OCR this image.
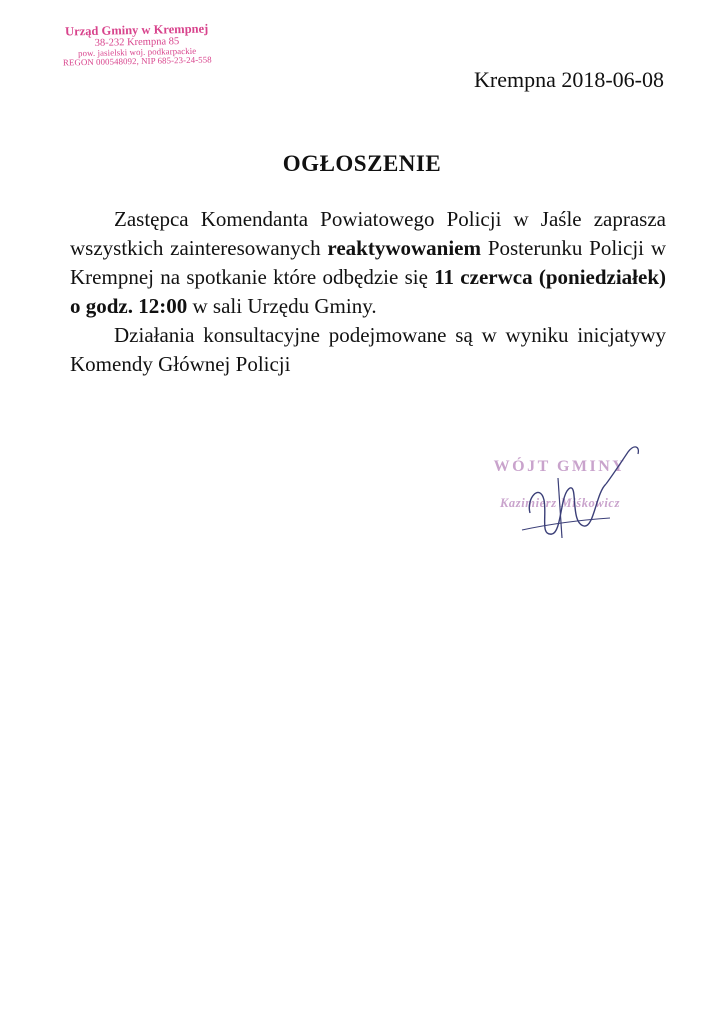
Urząd Gminy w Krempnej
38-232 Krempna 85
pow. jasielski woj. podkarpackie
REGON 000548092, NIP 685-23-24-558
Krempna 2018-06-08
OGŁOSZENIE

Zastępca Komendanta Powiatowego Policji w Jaśle zaprasza wszystkich zainteresowanych reaktywowaniem Posterunku Policji w Krempnej na spotkanie które odbędzie się 11 czerwca (poniedziałek) o godz. 12:00 w sali Urzędu Gminy.

Działania konsultacyjne podejmowane są w wyniku inicjatywy Komendy Głównej Policji

WÓJT GMINY
Kazimierz Miśkowicz
